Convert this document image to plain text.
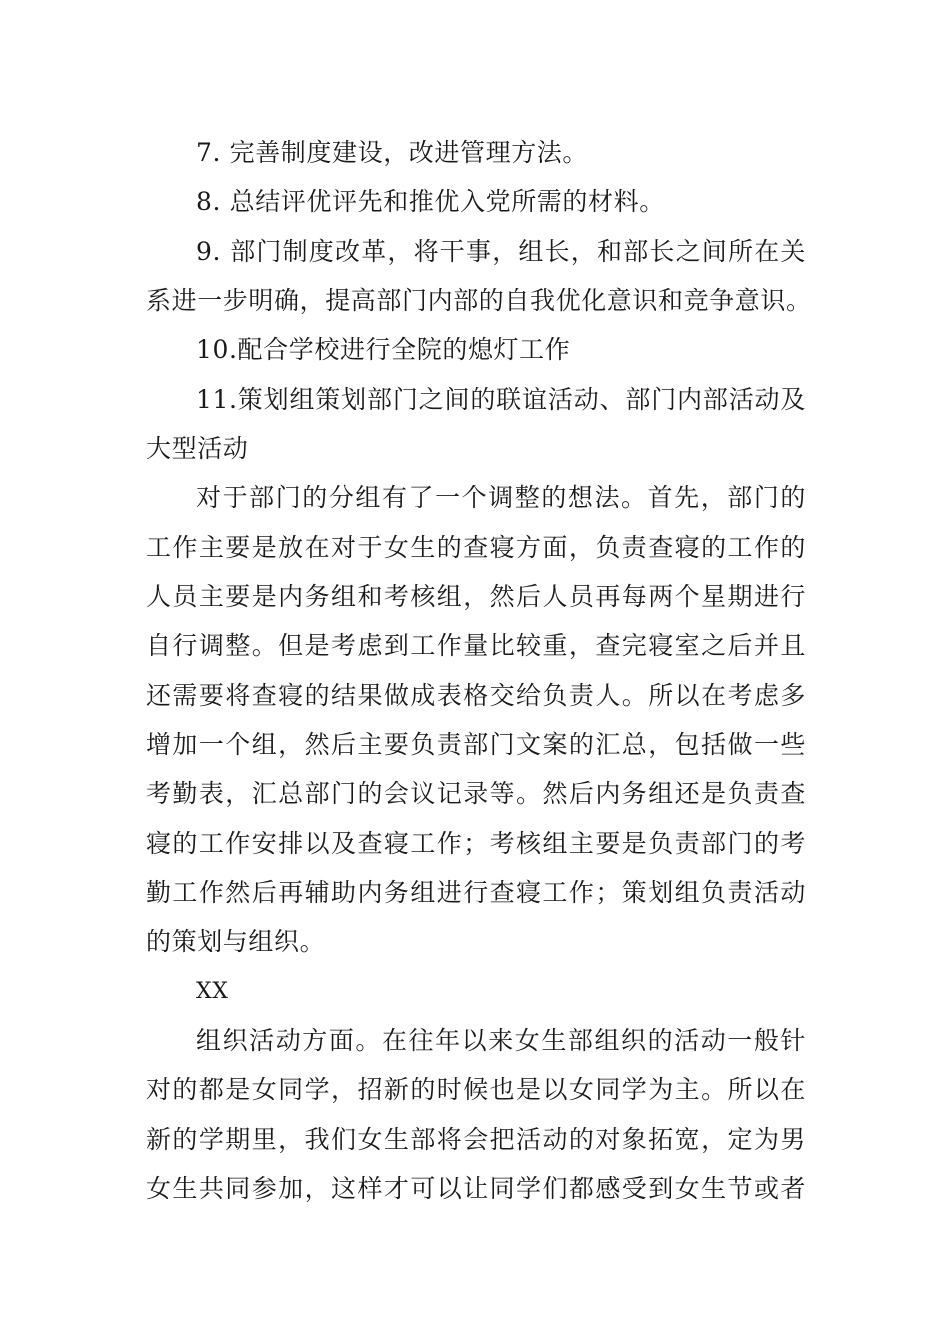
7. 完善制度建设，改进管理方法。
8. 总结评优评先和推优入党所需的材料。
9. 部门制度改革，将干事，组长，和部长之间所在关
系进一步明确，提高部门内部的自我优化意识和竞争意识。
10.配合学校进行全院的熄灯工作
11.策划组策划部门之间的联谊活动、部门内部活动及
大型活动
对于部门的分组有了一个调整的想法。首先，部门的
工作主要是放在对于女生的查寝方面，负责查寝的工作的
人员主要是内务组和考核组，然后人员再每两个星期进行
自行调整。但是考虑到工作量比较重，查完寝室之后并且
还需要将查寝的结果做成表格交给负责人。所以在考虑多
增加一个组，然后主要负责部门文案的汇总，包括做一些
考勤表，汇总部门的会议记录等。然后内务组还是负责查
寝的工作安排以及查寝工作；考核组主要是负责部门的考
勤工作然后再辅助内务组进行查寝工作；策划组负责活动
的策划与组织。
XX
组织活动方面。在往年以来女生部组织的活动一般针
对的都是女同学，招新的时候也是以女同学为主。所以在
新的学期里，我们女生部将会把活动的对象拓宽，定为男
女生共同参加，这样才可以让同学们都感受到女生节或者
